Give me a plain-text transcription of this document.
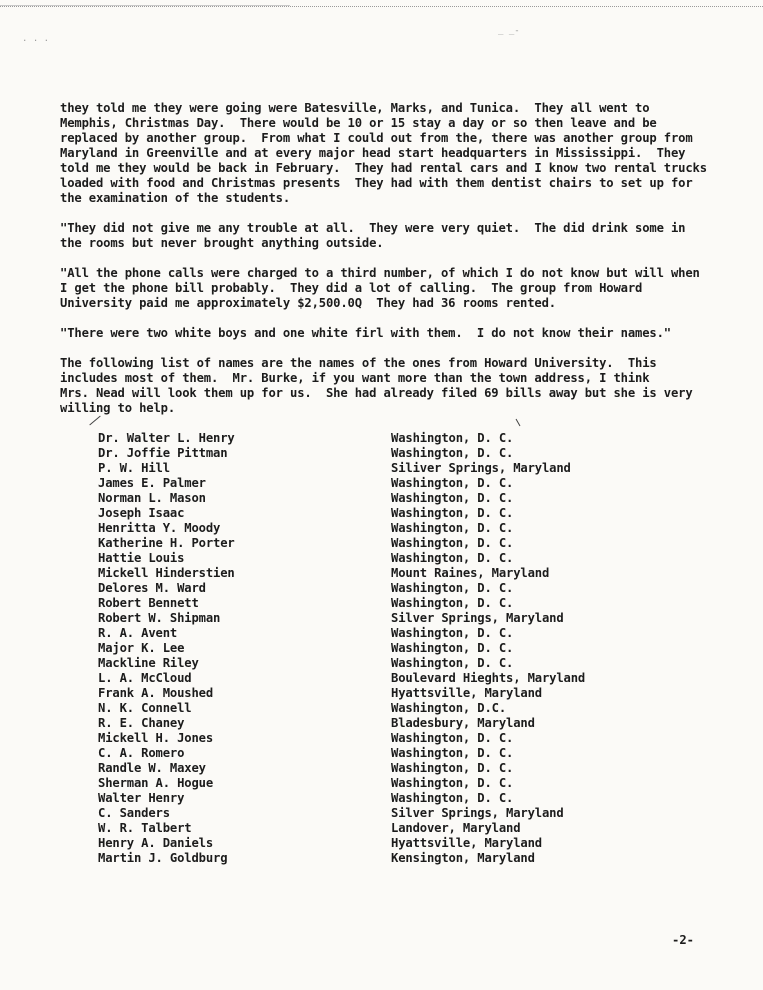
. . .
_ _-

they told me they were going were Batesville, Marks, and Tunica.  They all went to
Memphis, Christmas Day.  There would be 10 or 15 stay a day or so then leave and be
replaced by another group.  From what I could out from the, there was another group from
Maryland in Greenville and at every major head start headquarters in Mississippi.  They
told me they would be back in February.  They had rental cars and I know two rental trucks
loaded with food and Christmas presents  They had with them dentist chairs to set up for
the examination of the students.

"They did not give me any trouble at all.  They were very quiet.  The did drink some in
the rooms but never brought anything outside.

"All the phone calls were charged to a third number, of which I do not know but will when
I get the phone bill probably.  They did a lot of calling.  The group from Howard
University paid me approximately $2,500.0Q  They had 36 rooms rented.

"There were two white boys and one white firl with them.  I do not know their names."

The following list of names are the names of the ones from Howard University.  This
includes most of them.  Mr. Burke, if you want more than the town address, I think
Mrs. Nead will look them up for us.  She had already filed 69 bills away but she is very
willing to help.

Dr. Walter L. Henry	Washington, D. C.
Dr. Joffie Pittman	Washington, D. C.
P. W. Hill	Siliver Springs, Maryland
James E. Palmer	Washington, D. C.
Norman L. Mason	Washington, D. C.
Joseph Isaac	Washington, D. C.
Henritta Y. Moody	Washington, D. C.
Katherine H. Porter	Washington, D. C.
Hattie Louis	Washington, D. C.
Mickell Hinderstien	Mount Raines, Maryland
Delores M. Ward	Washington, D. C.
Robert Bennett	Washington, D. C.
Robert W. Shipman	Silver Springs, Maryland
R. A. Avent	Washington, D. C.
Major K. Lee	Washington, D. C.
Mackline Riley	Washington, D. C.
L. A. McCloud	Boulevard Hieghts, Maryland
Frank A. Moushed	Hyattsville, Maryland
N. K. Connell	Washington, D.C.
R. E. Chaney	Bladesbury, Maryland
Mickell H. Jones	Washington, D. C.
C. A. Romero	Washington, D. C.
Randle W. Maxey	Washington, D. C.
Sherman A. Hogue	Washington, D. C.
Walter Henry	Washington, D. C.
C. Sanders	Silver Springs, Maryland
W. R. Talbert	Landover, Maryland
Henry A. Daniels	Hyattsville, Maryland
Martin J. Goldburg	Kensington, Maryland
-2-
